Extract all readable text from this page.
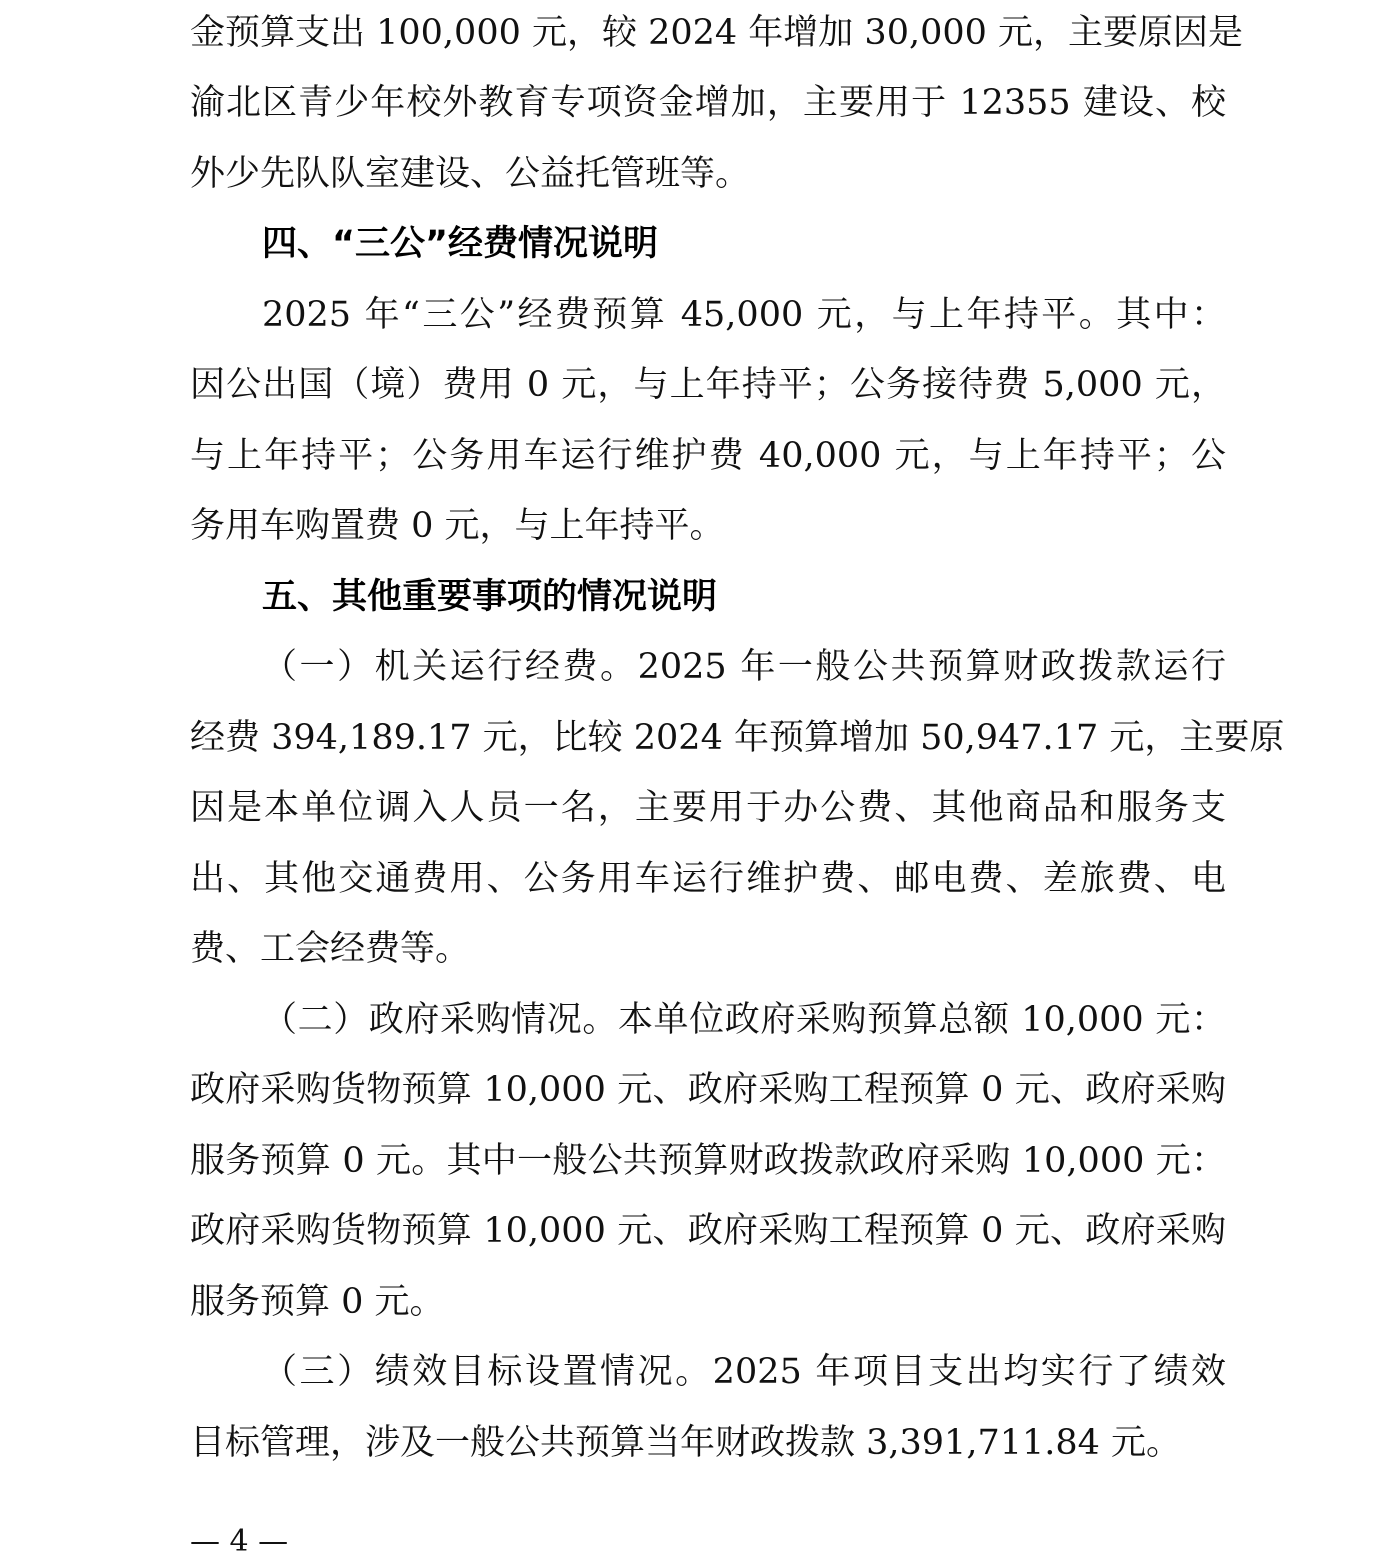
金预算支出 100,000 元，较 2024 年增加 30,000 元，主要原因是
渝北区青少年校外教育专项资金增加，主要用于 12355 建设、校
外少先队队室建设、公益托管班等。
四、“三公”经费情况说明
2025 年“三公”经费预算 45,000 元，与上年持平。其中：
因公出国（境）费用 0 元，与上年持平；公务接待费 5,000 元，
与上年持平；公务用车运行维护费 40,000 元，与上年持平；公
务用车购置费 0 元，与上年持平。
五、其他重要事项的情况说明
（一）机关运行经费。2025 年一般公共预算财政拨款运行
经费 394,189.17 元，比较 2024 年预算增加 50,947.17 元，主要原
因是本单位调入人员一名，主要用于办公费、其他商品和服务支
出、其他交通费用、公务用车运行维护费、邮电费、差旅费、电
费、工会经费等。
（二）政府采购情况。本单位政府采购预算总额 10,000 元：
政府采购货物预算 10,000 元、政府采购工程预算 0 元、政府采购
服务预算 0 元。其中一般公共预算财政拨款政府采购 10,000 元：
政府采购货物预算 10,000 元、政府采购工程预算 0 元、政府采购
服务预算 0 元。
（三）绩效目标设置情况。2025 年项目支出均实行了绩效
目标管理，涉及一般公共预算当年财政拨款 3,391,711.84 元。
— 4 —
